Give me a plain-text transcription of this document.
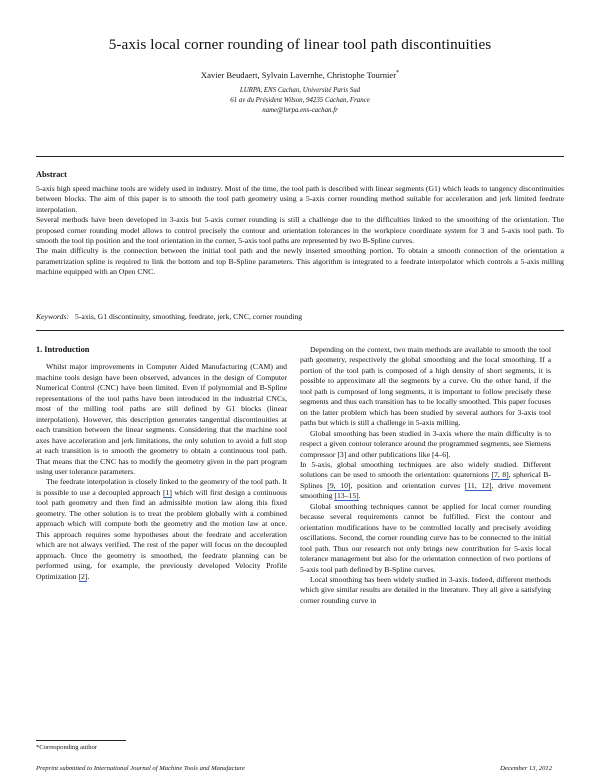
5-axis local corner rounding of linear tool path discontinuities
Xavier Beudaert, Sylvain Lavernhe, Christophe Tournier*
LURPA, ENS Cachan, Université Paris Sud
61 av du Président Wilson, 94235 Cachan, France
name@lurpa.ens-cachan.fr
Abstract

5-axis high speed machine tools are widely used in industry. Most of the time, the tool path is described with linear segments (G1) which leads to tangency discontinuities between blocks. The aim of this paper is to smooth the tool path geometry using a 5-axis corner rounding method suitable for acceleration and jerk limited feedrate interpolation.

Several methods have been developed in 3-axis but 5-axis corner rounding is still a challenge due to the difficulties linked to the smoothing of the orientation. The proposed corner rounding model allows to control precisely the contour and orientation tolerances in the workpiece coordinate system for 3 and 5-axis tool path. To smooth the tool tip position and the tool orientation in the corner, 5-axis tool paths are represented by two B-Spline curves.

The main difficulty is the connection between the initial tool path and the newly inserted smoothing portion. To obtain a smooth connection of the orientation a parametrization spline is required to link the bottom and top B-Spline parameters. This algorithm is integrated to a feedrate interpolator which controls a 5-axis milling machine equipped with an Open CNC.

Keywords: 5-axis, G1 discontinuity, smoothing, feedrate, jerk, CNC, corner rounding

1. Introduction

Whilst major improvements in Computer Aided Manufacturing (CAM) and machine tools design have been observed, advances in the design of Computer Numerical Control (CNC) have been limited. Even if polynomial and B-Spline representations of the tool paths have been introduced in the industrial CNCs, most of the milling tool paths are still defined by G1 blocks (linear interpolation). However, this description generates tangential discontinuities at each transition between the linear segments. Considering that the machine tool axes have acceleration and jerk limitations, the only solution to avoid a full stop at each transition is to smooth the geometry to obtain a continuous tool path. That means that the CNC has to modify the geometry given in the part program using user tolerance parameters.

The feedrate interpolation is closely linked to the geometry of the tool path. It is possible to use a decoupled approach [1] which will first design a continuous tool path geometry and then find an admissible motion law along this fixed geometry. The other solution is to treat the problem globally with a combined approach which will compute both the geometry and the motion law at once. This approach requires some hypotheses about the feedrate and acceleration which are not always verified. The rest of the paper will focus on the decoupled approach. Once the geometry is smoothed, the feedrate planning can be performed using, for example, the previously developed Velocity Profile Optimization [2].

Depending on the context, two main methods are available to smooth the tool path geometry, respectively the global smoothing and the local smoothing. If a portion of the tool path is composed of a high density of short segments, it is possible to approximate all the segments by a curve. On the other hand, if the tool path is composed of long segments, it is important to follow precisely these segments and thus each transition has to be locally smoothed. This paper focuses on the latter problem which has been studied by several authors for 3-axis tool paths but which is still a challenge in 5-axis milling.

Global smoothing has been studied in 3-axis where the main difficulty is to respect a given contour tolerance around the programmed segments, see Siemens compressor [3] and other publications like [4–6].

In 5-axis, global smoothing techniques are also widely studied. Different solutions can be used to smooth the orientation: quaternions [7, 8], spherical B-Splines [9, 10], position and orientation curves [11, 12], drive movement smoothing [13–15].

Global smoothing techniques cannot be applied for local corner rounding because several requirements cannot be fulfilled. First the contour and orientation modifications have to be controlled locally and precisely avoiding oscillations. Second, the corner rounding curve has to be connected to the initial tool path. Thus our research not only brings new contribution for 5-axis local tolerance management but also for the orientation connection of two portions of 5-axis tool path defined by B-Spline curves.

Local smoothing has been widely studied in 3-axis. Indeed, different methods which give similar results are detailed in the literature. They all give a satisfying corner rounding curve in

*Corresponding author
Preprint submitted to International Journal of Machine Tools and Manufacture	December 13, 2012
